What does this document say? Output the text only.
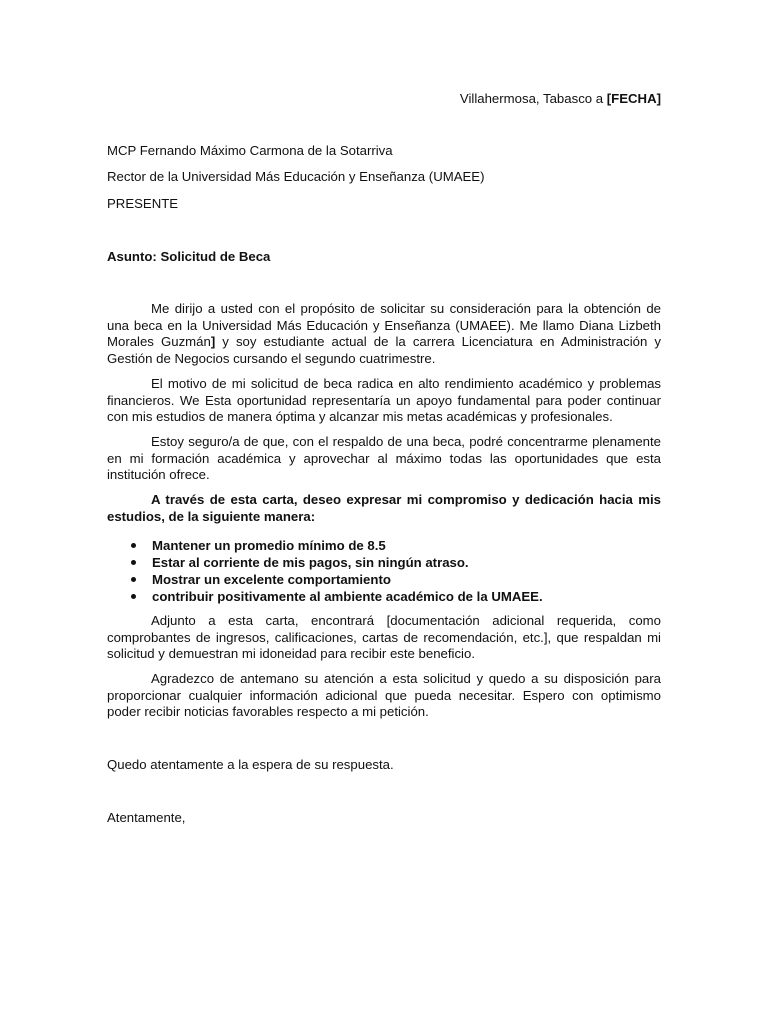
Villahermosa, Tabasco a [FECHA]
MCP Fernando Máximo Carmona de la Sotarriva
Rector de la Universidad Más Educación y Enseñanza (UMAEE)
PRESENTE
Asunto: Solicitud de Beca
Me dirijo a usted con el propósito de solicitar su consideración para la obtención de una beca en la Universidad Más Educación y Enseñanza (UMAEE). Me llamo Diana Lizbeth Morales Guzmán] y soy estudiante actual de la carrera Licenciatura en Administración y Gestión de Negocios cursando el segundo cuatrimestre.
El motivo de mi solicitud de beca radica en alto rendimiento académico y problemas financieros. We Esta oportunidad representaría un apoyo fundamental para poder continuar con mis estudios de manera óptima y alcanzar mis metas académicas y profesionales.
Estoy seguro/a de que, con el respaldo de una beca, podré concentrarme plenamente en mi formación académica y aprovechar al máximo todas las oportunidades que esta institución ofrece.
A través de esta carta, deseo expresar mi compromiso y dedicación hacia mis estudios, de la siguiente manera:
Mantener un promedio mínimo de 8.5
Estar al corriente de mis pagos, sin ningún atraso.
Mostrar un excelente comportamiento
contribuir positivamente al ambiente académico de la UMAEE.
Adjunto a esta carta, encontrará [documentación adicional requerida, como comprobantes de ingresos, calificaciones, cartas de recomendación, etc.], que respaldan mi solicitud y demuestran mi idoneidad para recibir este beneficio.
Agradezco de antemano su atención a esta solicitud y quedo a su disposición para proporcionar cualquier información adicional que pueda necesitar. Espero con optimismo poder recibir noticias favorables respecto a mi petición.
Quedo atentamente a la espera de su respuesta.
Atentamente,
